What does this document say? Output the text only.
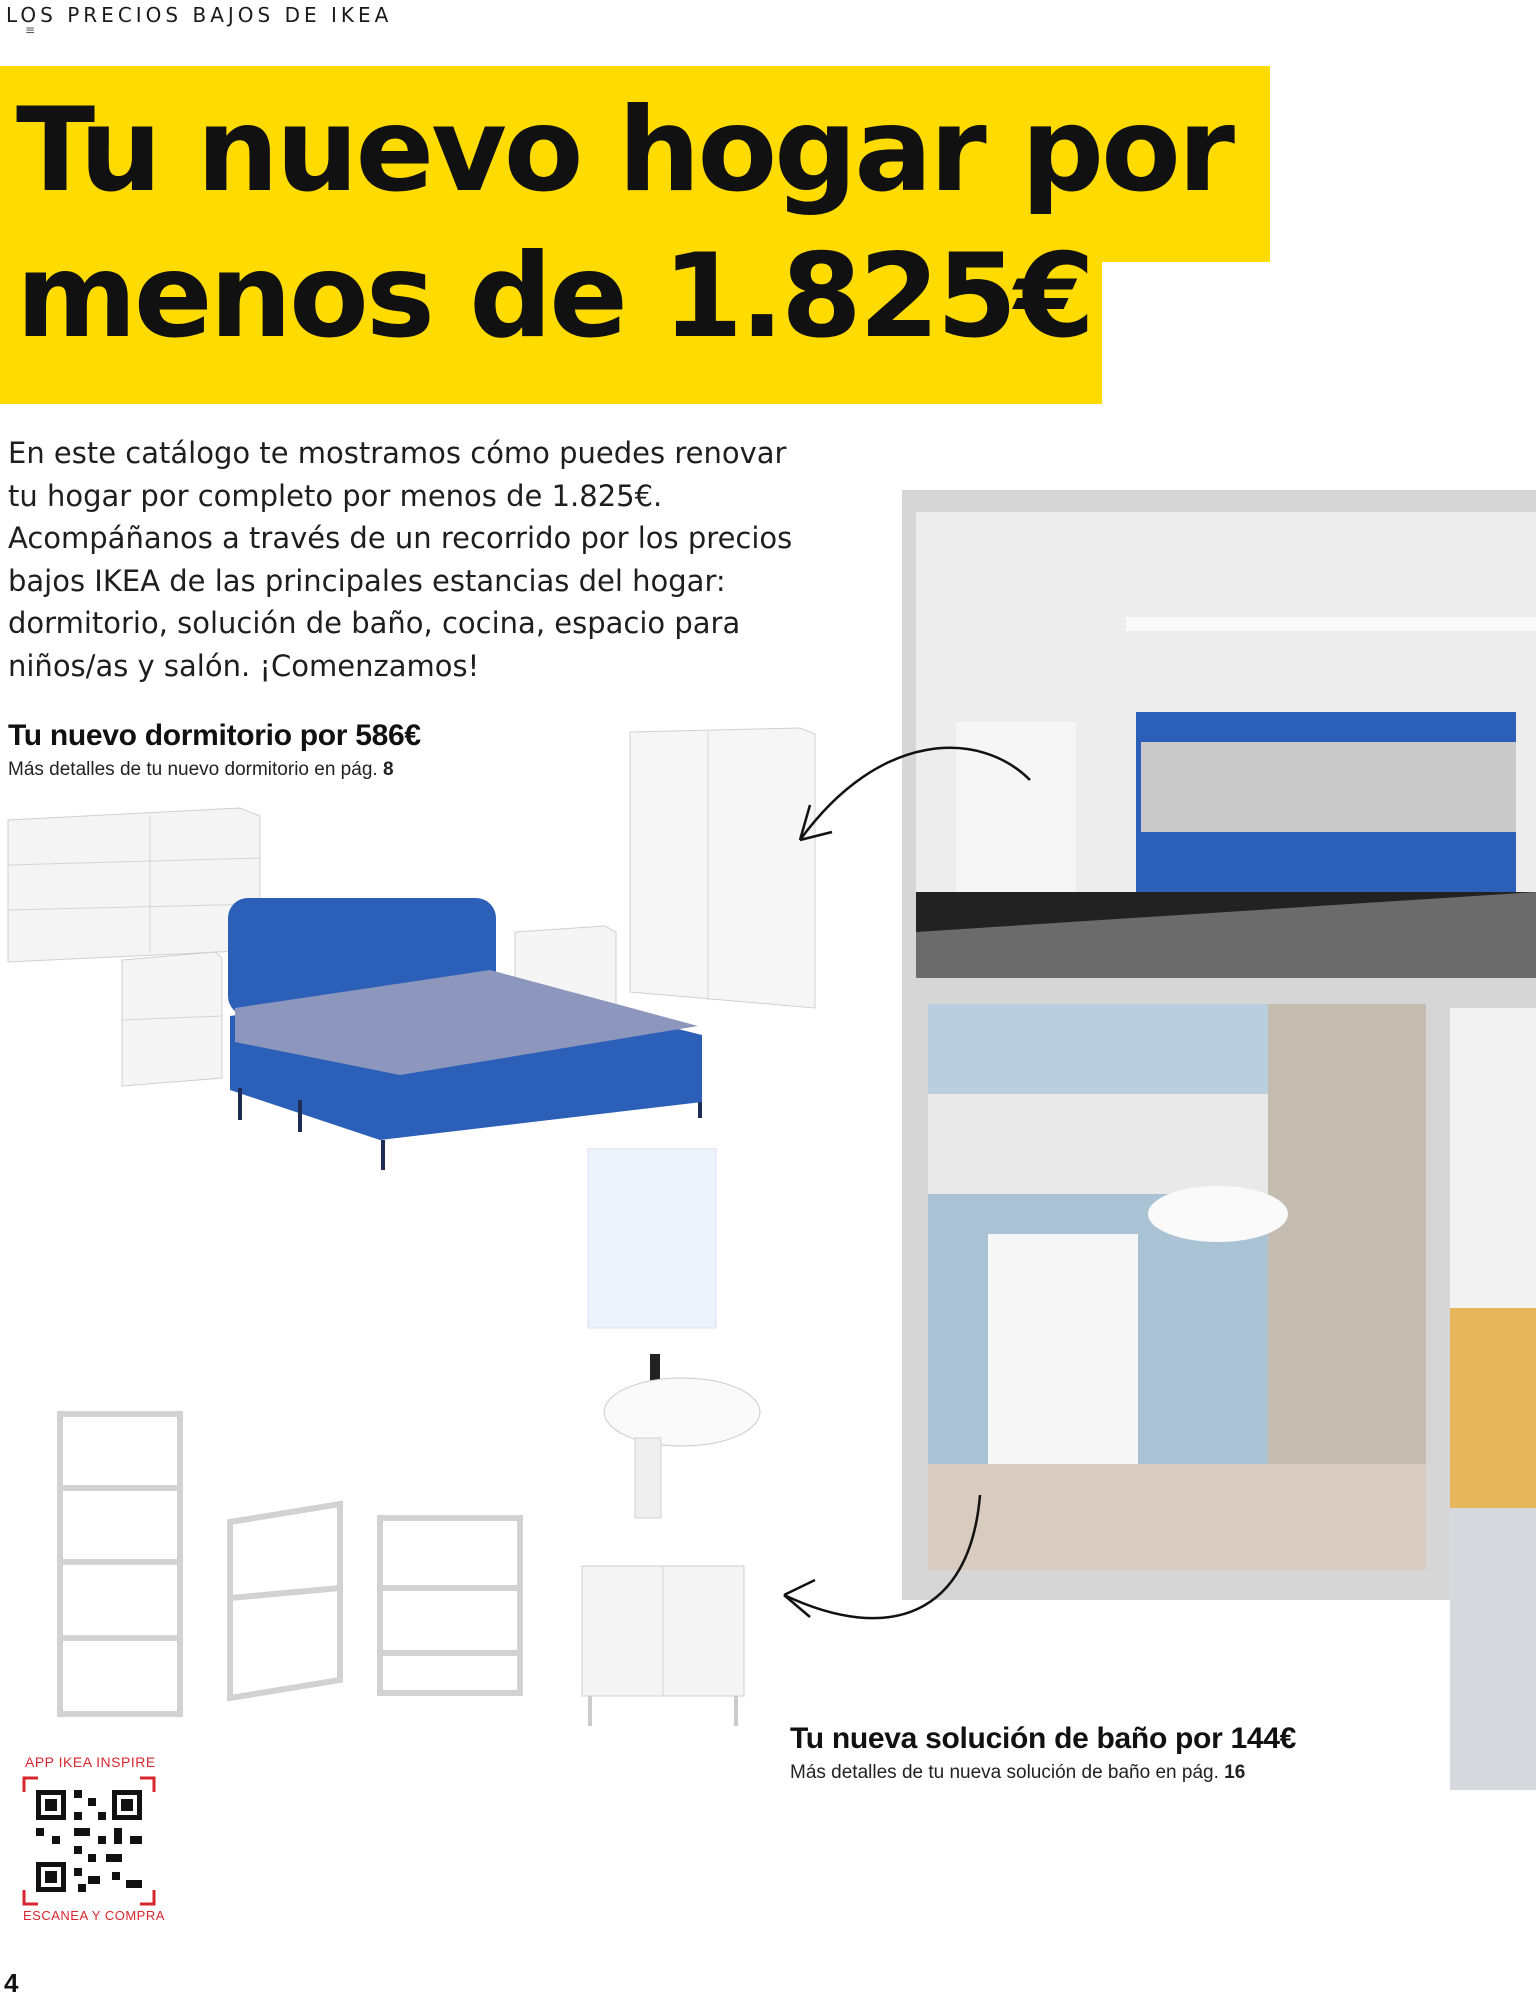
LOS PRECIOS BAJOS DE IKEA
≡
Tu nuevo hogar por
menos de 1.825€

En este catálogo te mostramos cómo puedes renovar tu hogar por completo por menos de 1.825€. Acompáñanos a través de un recorrido por los precios bajos IKEA de las principales estancias del hogar: dormitorio, solución de baño, cocina, espacio para niños/as y salón. ¡Comenzamos!

Tu nuevo dormitorio por 586€
Más detalles de tu nuevo dormitorio en pág. 8
Tu nueva solución de baño por 144€
Más detalles de tu nueva solución de baño en pág. 16
APP IKEA INSPIRE
ESCANEA Y COMPRA
4
